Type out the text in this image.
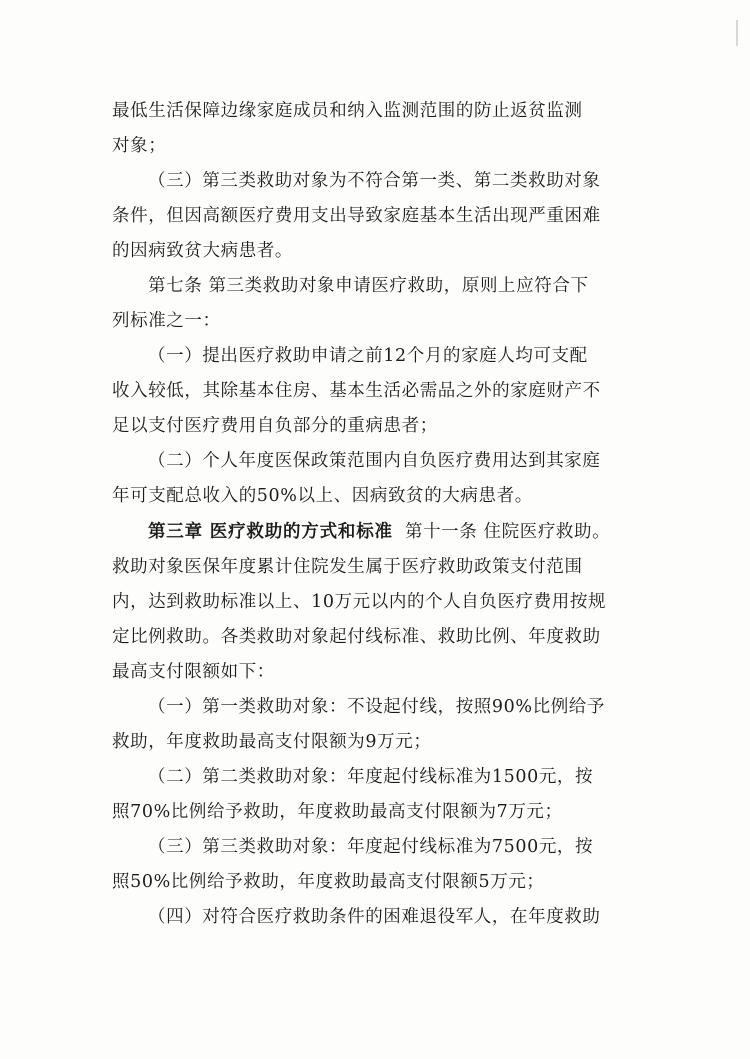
最低生活保障边缘家庭成员和纳入监测范围的防止返贫监测
对象；
（三）第三类救助对象为不符合第一类、第二类救助对象
条件，但因高额医疗费用支出导致家庭基本生活出现严重困难
的因病致贫大病患者。
第七条 第三类救助对象申请医疗救助，原则上应符合下
列标准之一：
（一）提出医疗救助申请之前12个月的家庭人均可支配
收入较低，其除基本住房、基本生活必需品之外的家庭财产不
足以支付医疗费用自负部分的重病患者；
（二）个人年度医保政策范围内自负医疗费用达到其家庭
年可支配总收入的50%以上、因病致贫的大病患者。
第三章 医疗救助的方式和标准 第十一条 住院医疗救助。
救助对象医保年度累计住院发生属于医疗救助政策支付范围
内，达到救助标准以上、10万元以内的个人自负医疗费用按规
定比例救助。各类救助对象起付线标准、救助比例、年度救助
最高支付限额如下：
（一）第一类救助对象：不设起付线，按照90%比例给予
救助，年度救助最高支付限额为9万元；
（二）第二类救助对象：年度起付线标准为1500元，按
照70%比例给予救助，年度救助最高支付限额为7万元；
（三）第三类救助对象：年度起付线标准为7500元，按
照50%比例给予救助，年度救助最高支付限额5万元；
（四）对符合医疗救助条件的困难退役军人，在年度救助
